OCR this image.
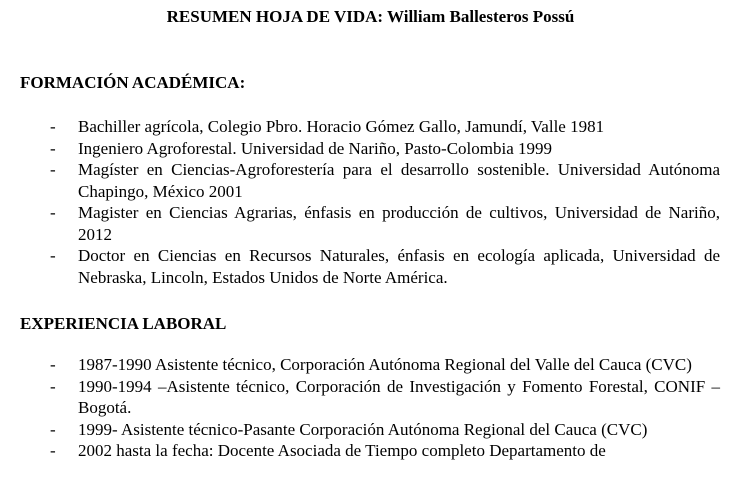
RESUMEN HOJA DE VIDA: William Ballesteros Possú
FORMACIÓN ACADÉMICA:
- Bachiller agrícola, Colegio Pbro. Horacio Gómez Gallo, Jamundí, Valle 1981
- Ingeniero Agroforestal. Universidad de Nariño, Pasto-Colombia 1999
- Magíster en Ciencias-Agroforestería para el desarrollo sostenible. Universidad Autónoma Chapingo, México 2001
- Magister en Ciencias Agrarias, énfasis en producción de cultivos, Universidad de Nariño, 2012
- Doctor en Ciencias en Recursos Naturales, énfasis en ecología aplicada, Universidad de Nebraska, Lincoln, Estados Unidos de Norte América.
EXPERIENCIA LABORAL
- 1987-1990 Asistente técnico, Corporación Autónoma Regional del Valle del Cauca (CVC)
- 1990-1994 –Asistente técnico, Corporación de Investigación y Fomento Forestal, CONIF –Bogotá.
- 1999- Asistente técnico-Pasante Corporación Autónoma Regional del Cauca (CVC)
- 2002 hasta la fecha: Docente Asociada de Tiempo completo Departamento de
